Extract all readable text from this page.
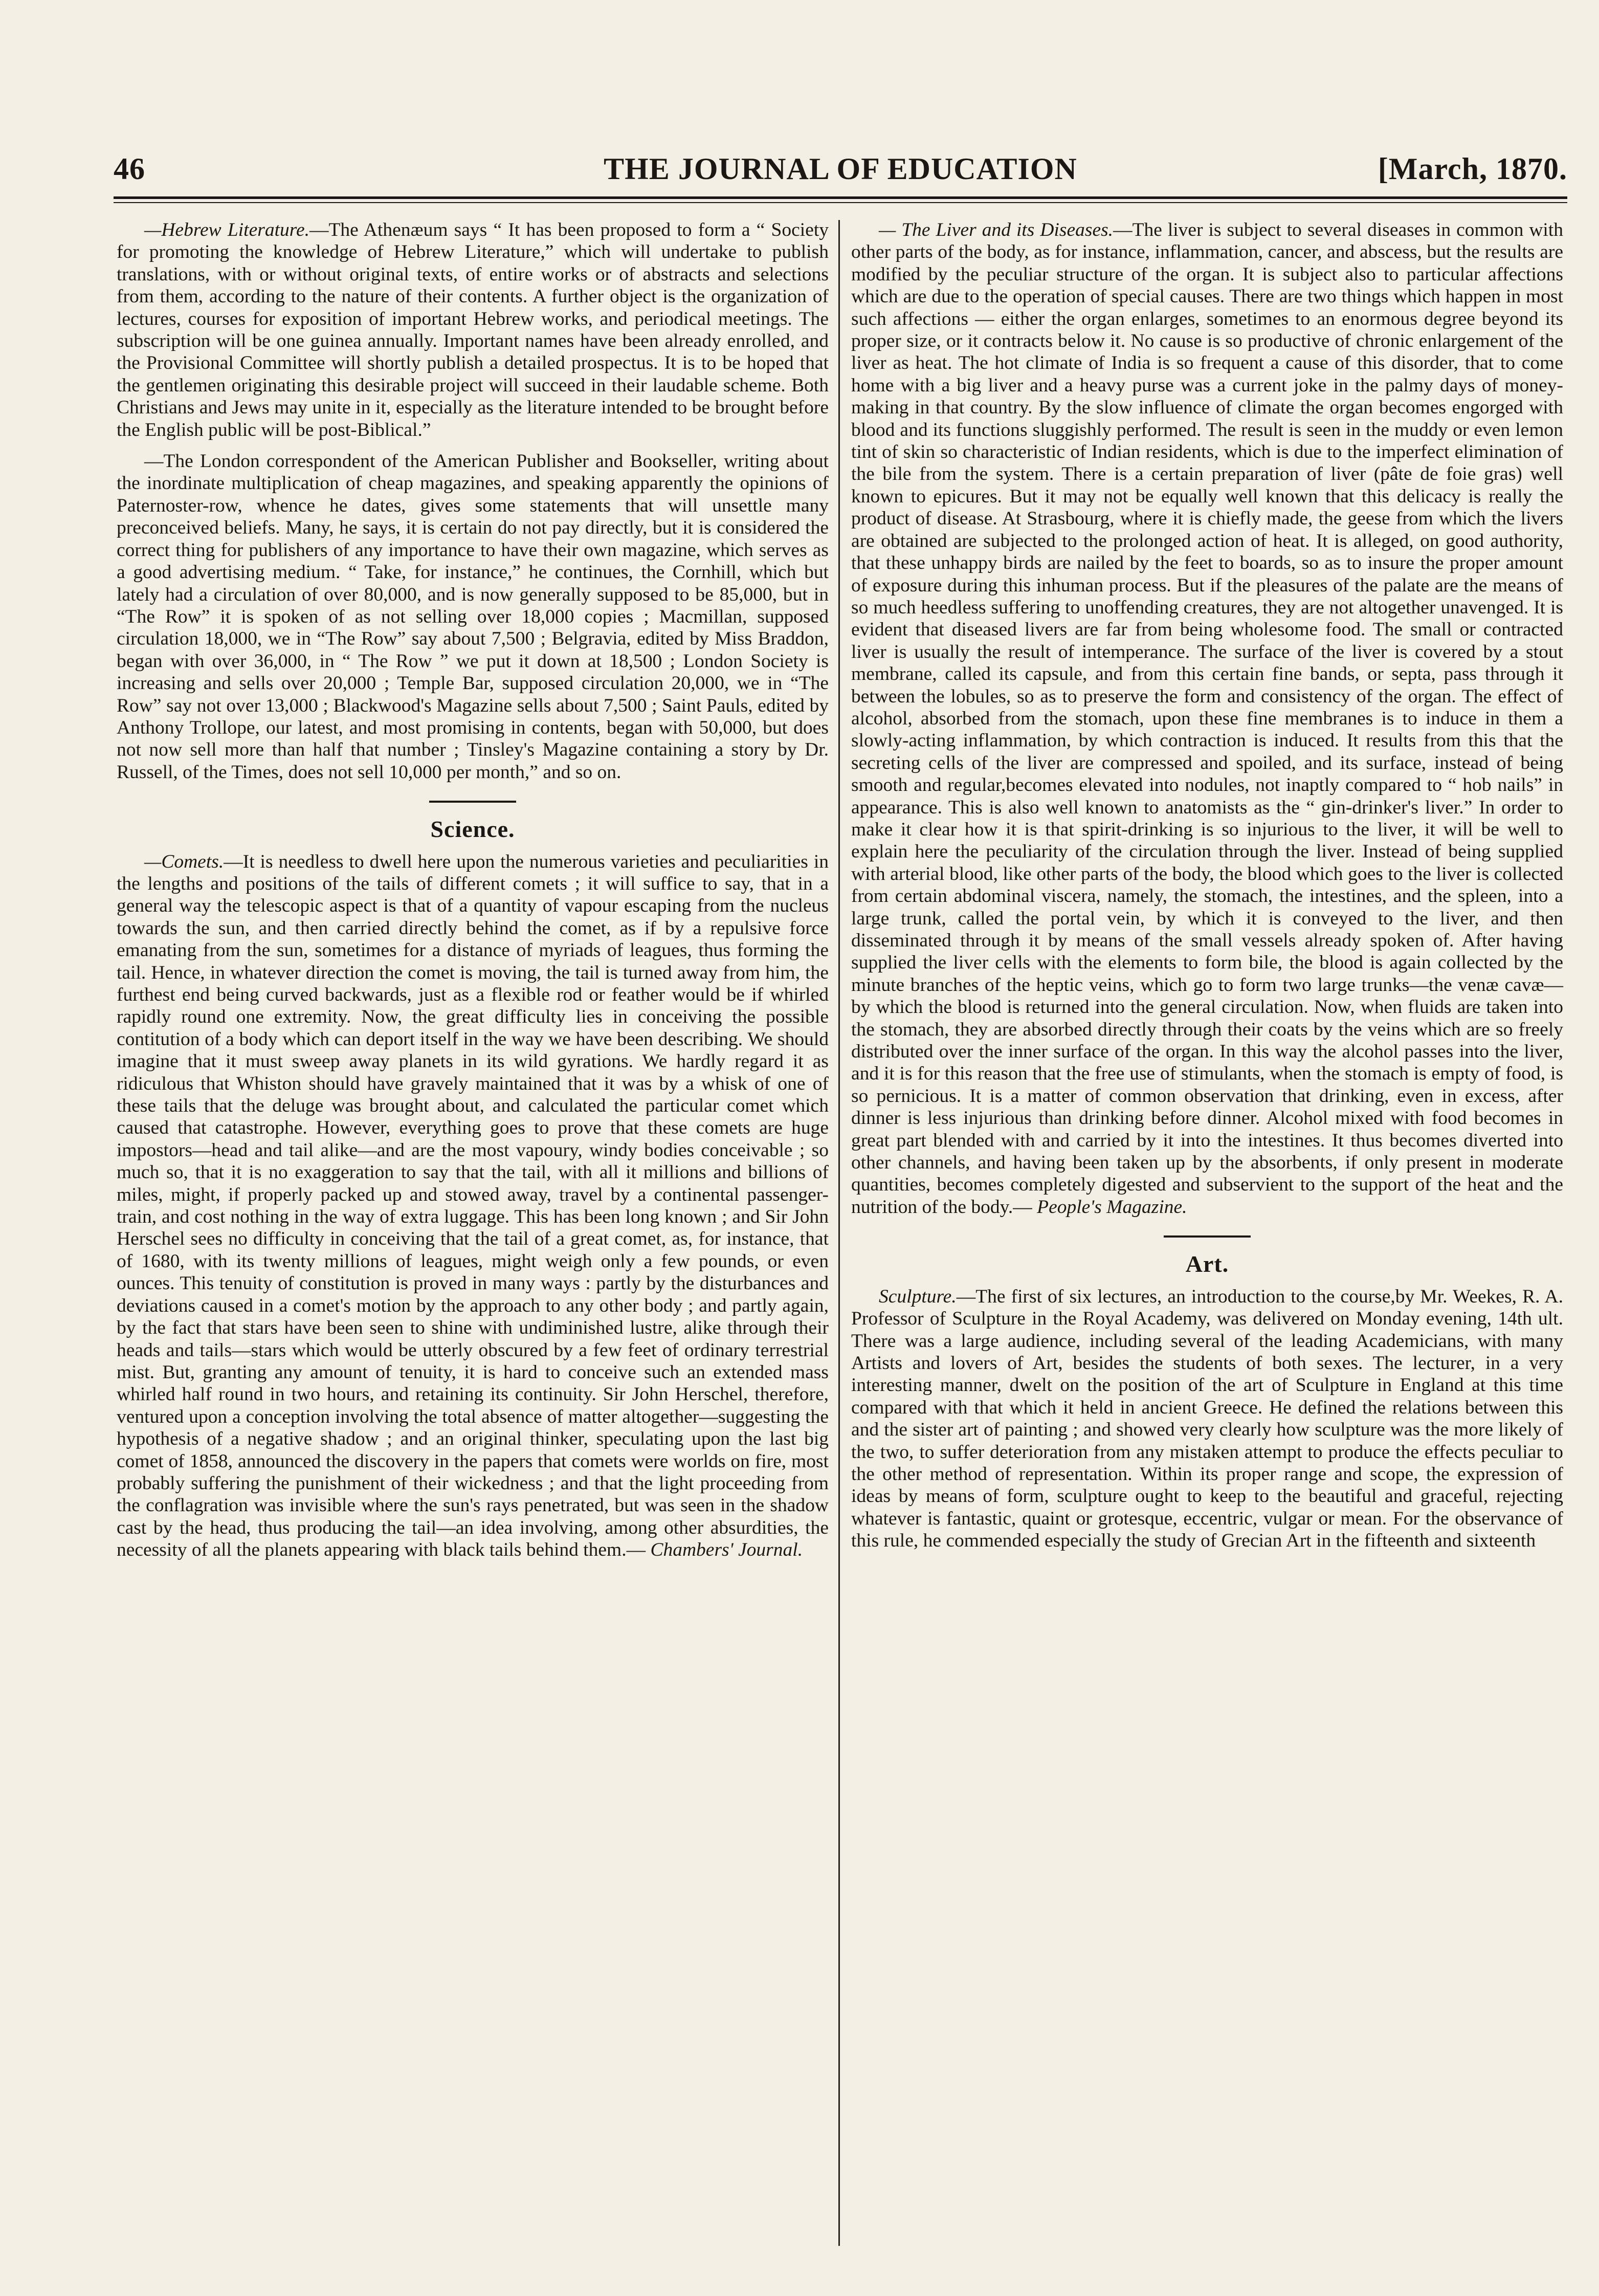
46	THE JOURNAL OF EDUCATION	[March, 1870.

—Hebrew Literature.—The Athenæum says “ It has been proposed to form a “ Society for promoting the knowledge of Hebrew Literature,” which will undertake to publish translations, with or without original texts, of entire works or of abstracts and selections from them, according to the nature of their contents. A further object is the organization of lectures, courses for exposition of important Hebrew works, and periodical meetings. The subscription will be one guinea annually. Important names have been already enrolled, and the Provisional Committee will shortly publish a detailed prospectus. It is to be hoped that the gentlemen originating this desirable project will succeed in their laudable scheme. Both Christians and Jews may unite in it, especially as the literature intended to be brought before the English public will be post-Biblical.”

—The London correspondent of the American Publisher and Bookseller, writing about the inordinate multiplication of cheap magazines, and speaking apparently the opinions of Paternoster-row, whence he dates, gives some statements that will unsettle many preconceived beliefs. Many, he says, it is certain do not pay directly, but it is considered the correct thing for publishers of any importance to have their own magazine, which serves as a good advertising medium. “ Take, for instance,” he continues, the Cornhill, which but lately had a circulation of over 80,000, and is now generally supposed to be 85,000, but in “The Row” it is spoken of as not selling over 18,000 copies ; Macmillan, supposed circulation 18,000, we in “The Row” say about 7,500 ; Belgravia, edited by Miss Braddon, began with over 36,000, in “ The Row ” we put it down at 18,500 ; London Society is increasing and sells over 20,000 ; Temple Bar, supposed circulation 20,000, we in “The Row” say not over 13,000 ; Blackwood's Magazine sells about 7,500 ; Saint Pauls, edited by Anthony Trollope, our latest, and most promising in contents, began with 50,000, but does not now sell more than half that number ; Tinsley's Magazine containing a story by Dr. Russell, of the Times, does not sell 10,000 per month,” and so on.

Science.

—Comets.—It is needless to dwell here upon the numerous varieties and peculiarities in the lengths and positions of the tails of different comets ; it will suffice to say, that in a general way the telescopic aspect is that of a quantity of vapour escaping from the nucleus towards the sun, and then carried directly behind the comet, as if by a repulsive force emanating from the sun, sometimes for a distance of myriads of leagues, thus forming the tail. Hence, in whatever direction the comet is moving, the tail is turned away from him, the furthest end being curved backwards, just as a flexible rod or feather would be if whirled rapidly round one extremity. Now, the great difficulty lies in conceiving the possible contitution of a body which can deport itself in the way we have been describing. We should imagine that it must sweep away planets in its wild gyrations. We hardly regard it as ridiculous that Whiston should have gravely maintained that it was by a whisk of one of these tails that the deluge was brought about, and calculated the particular comet which caused that catastrophe. However, everything goes to prove that these comets are huge impostors—head and tail alike—and are the most vapoury, windy bodies conceivable ; so much so, that it is no exaggeration to say that the tail, with all it millions and billions of miles, might, if properly packed up and stowed away, travel by a continental passenger-train, and cost nothing in the way of extra luggage. This has been long known ; and Sir John Herschel sees no difficulty in conceiving that the tail of a great comet, as, for instance, that of 1680, with its twenty millions of leagues, might weigh only a few pounds, or even ounces. This tenuity of constitution is proved in many ways : partly by the disturbances and deviations caused in a comet's motion by the approach to any other body ; and partly again, by the fact that stars have been seen to shine with undiminished lustre, alike through their heads and tails—stars which would be utterly obscured by a few feet of ordinary terrestrial mist. But, granting any amount of tenuity, it is hard to conceive such an extended mass whirled half round in two hours, and retaining its continuity. Sir John Herschel, therefore, ventured upon a conception involving the total absence of matter altogether—suggesting the hypothesis of a negative shadow ; and an original thinker, speculating upon the last big comet of 1858, announced the discovery in the papers that comets were worlds on fire, most probably suffering the punishment of their wickedness ; and that the light proceeding from the conflagration was invisible where the sun's rays penetrated, but was seen in the shadow cast by the head, thus producing the tail—an idea involving, among other absurdities, the necessity of all the planets appearing with black tails behind them.— Chambers' Journal.

— The Liver and its Diseases.—The liver is subject to several diseases in common with other parts of the body, as for instance, inflammation, cancer, and abscess, but the results are modified by the peculiar structure of the organ. It is subject also to particular affections which are due to the operation of special causes. There are two things which happen in most such affections — either the organ enlarges, sometimes to an enormous degree beyond its proper size, or it contracts below it. No cause is so productive of chronic enlargement of the liver as heat. The hot climate of India is so frequent a cause of this disorder, that to come home with a big liver and a heavy purse was a current joke in the palmy days of money-making in that country. By the slow influence of climate the organ becomes engorged with blood and its functions sluggishly performed. The result is seen in the muddy or even lemon tint of skin so characteristic of Indian residents, which is due to the imperfect elimination of the bile from the system. There is a certain preparation of liver (pâte de foie gras) well known to epicures. But it may not be equally well known that this delicacy is really the product of disease. At Strasbourg, where it is chiefly made, the geese from which the livers are obtained are subjected to the prolonged action of heat. It is alleged, on good authority, that these unhappy birds are nailed by the feet to boards, so as to insure the proper amount of exposure during this inhuman process. But if the pleasures of the palate are the means of so much heedless suffering to unoffending creatures, they are not altogether unavenged. It is evident that diseased livers are far from being wholesome food. The small or contracted liver is usually the result of intemperance. The surface of the liver is covered by a stout membrane, called its capsule, and from this certain fine bands, or septa, pass through it between the lobules, so as to preserve the form and consistency of the organ. The effect of alcohol, absorbed from the stomach, upon these fine membranes is to induce in them a slowly-acting inflammation, by which contraction is induced. It results from this that the secreting cells of the liver are compressed and spoiled, and its surface, instead of being smooth and regular,becomes elevated into nodules, not inaptly compared to “ hob nails” in appearance. This is also well known to anatomists as the “ gin-drinker's liver.” In order to make it clear how it is that spirit-drinking is so injurious to the liver, it will be well to explain here the peculiarity of the circulation through the liver. Instead of being supplied with arterial blood, like other parts of the body, the blood which goes to the liver is collected from certain abdominal viscera, namely, the stomach, the intestines, and the spleen, into a large trunk, called the portal vein, by which it is conveyed to the liver, and then disseminated through it by means of the small vessels already spoken of. After having supplied the liver cells with the elements to form bile, the blood is again collected by the minute branches of the heptic veins, which go to form two large trunks—the venæ cavæ—by which the blood is returned into the general circulation. Now, when fluids are taken into the stomach, they are absorbed directly through their coats by the veins which are so freely distributed over the inner surface of the organ. In this way the alcohol passes into the liver, and it is for this reason that the free use of stimulants, when the stomach is empty of food, is so pernicious. It is a matter of common observation that drinking, even in excess, after dinner is less injurious than drinking before dinner. Alcohol mixed with food becomes in great part blended with and carried by it into the intestines. It thus becomes diverted into other channels, and having been taken up by the absorbents, if only present in moderate quantities, becomes completely digested and subservient to the support of the heat and the nutrition of the body.— People's Magazine.

Art.

Sculpture.—The first of six lectures, an introduction to the course,by Mr. Weekes, R. A. Professor of Sculpture in the Royal Academy, was delivered on Monday evening, 14th ult. There was a large audience, including several of the leading Academicians, with many Artists and lovers of Art, besides the students of both sexes. The lecturer, in a very interesting manner, dwelt on the position of the art of Sculpture in England at this time compared with that which it held in ancient Greece. He defined the relations between this and the sister art of painting ; and showed very clearly how sculpture was the more likely of the two, to suffer deterioration from any mistaken attempt to produce the effects peculiar to the other method of representation. Within its proper range and scope, the expression of ideas by means of form, sculpture ought to keep to the beautiful and graceful, rejecting whatever is fantastic, quaint or grotesque, eccentric, vulgar or mean. For the observance of this rule, he commended especially the study of Grecian Art in the fifteenth and sixteenth
